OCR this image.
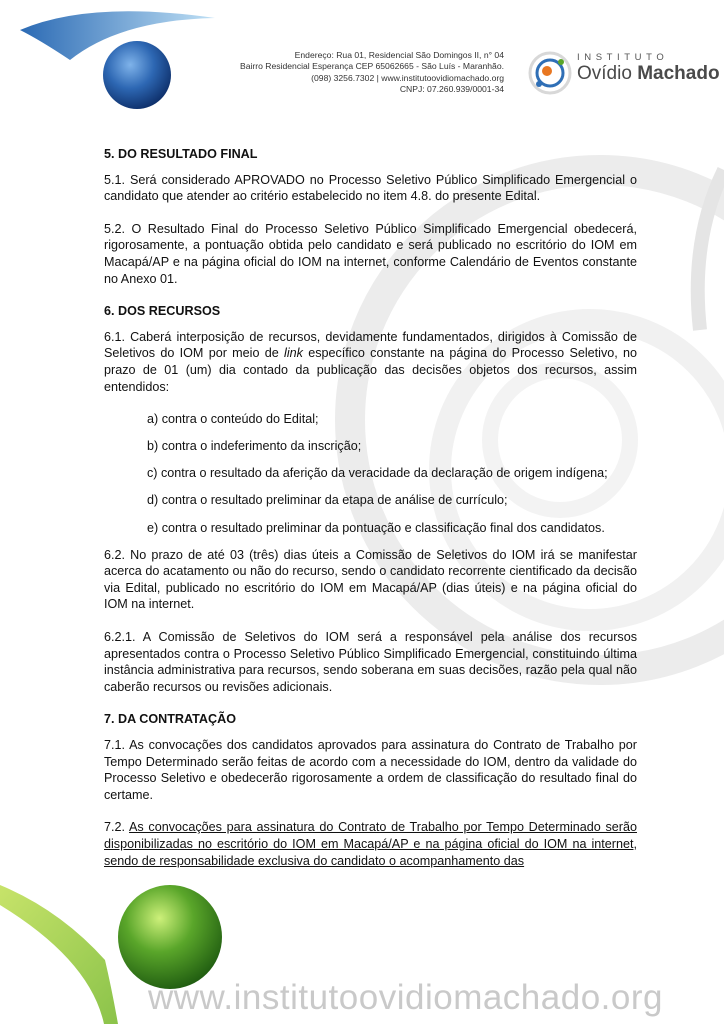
Endereço: Rua 01, Residencial São Domingos II, n° 04
Bairro Residencial Esperança CEP 65062665 - São Luís - Maranhão.
(098) 3256.7302 | www.institutoovidiomachado.org
CNPJ: 07.260.939/0001-34
INSTITUTO
Ovídio Machado

5. DO RESULTADO FINAL

5.1. Será considerado APROVADO no Processo Seletivo Público Simplificado Emergencial o candidato que atender ao critério estabelecido no item 4.8. do presente Edital.

5.2. O Resultado Final do Processo Seletivo Público Simplificado Emergencial obedecerá, rigorosamente, a pontuação obtida pelo candidato e será publicado no escritório do IOM em Macapá/AP e na página oficial do IOM na internet, conforme Calendário de Eventos constante no Anexo 01.

6. DOS RECURSOS

6.1. Caberá interposição de recursos, devidamente fundamentados, dirigidos à Comissão de Seletivos do IOM por meio de link específico constante na página do Processo Seletivo, no prazo de 01 (um) dia contado da publicação das decisões objetos dos recursos, assim entendidos:

a) contra o conteúdo do Edital;

b) contra o indeferimento da inscrição;

c) contra o resultado da aferição da veracidade da declaração de origem indígena;

d) contra o resultado preliminar da etapa de análise de currículo;

e) contra o resultado preliminar da pontuação e classificação final dos candidatos.

6.2. No prazo de até 03 (três) dias úteis a Comissão de Seletivos do IOM irá se manifestar acerca do acatamento ou não do recurso, sendo o candidato recorrente cientificado da decisão via Edital, publicado no escritório do IOM em Macapá/AP (dias úteis) e na página oficial do IOM na internet.

6.2.1. A Comissão de Seletivos do IOM será a responsável pela análise dos recursos apresentados contra o Processo Seletivo Público Simplificado Emergencial, constituindo última instância administrativa para recursos, sendo soberana em suas decisões, razão pela qual não caberão recursos ou revisões adicionais.

7. DA CONTRATAÇÃO

7.1. As convocações dos candidatos aprovados para assinatura do Contrato de Trabalho por Tempo Determinado serão feitas de acordo com a necessidade do IOM, dentro da validade do Processo Seletivo e obedecerão rigorosamente a ordem de classificação do resultado final do certame.

7.2. As convocações para assinatura do Contrato de Trabalho por Tempo Determinado serão disponibilizadas no escritório do IOM em Macapá/AP e na página oficial do IOM na internet, sendo de responsabilidade exclusiva do candidato o acompanhamento das

www.institutoovidiomachado.org
